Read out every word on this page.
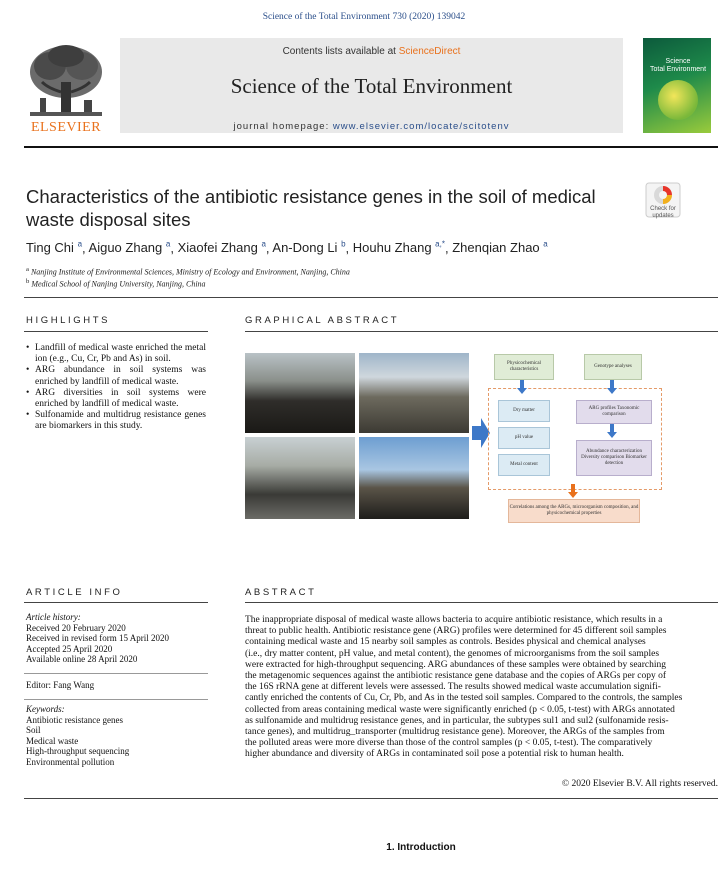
Science of the Total Environment 730 (2020) 139042
Contents lists available at ScienceDirect
Science of the Total Environment
journal homepage: www.elsevier.com/locate/scitotenv
ELSEVIER
Science
Total Environment
Characteristics of the antibiotic resistance genes in the soil of medical
waste disposal sites	Check for
updates
Ting Chi $^a$, Aiguo Zhang $^a$, Xiaofei Zhang $^a$, An-Dong Li $^b$, Houhu Zhang $^{a,*}$, Zhenqian Zhao $^a$
$^a$ Nanjing Institute of Environmental Sciences, Ministry of Ecology and Environment, Nanjing, China
$^b$ Medical School of Nanjing University, Nanjing, China
HIGHLIGHTS
• Landfill of medical waste enriched the metal ion (e.g., Cu, Cr, Pb and As) in soil.
• ARG abundance in soil systems was enriched by landfill of medical waste.
• ARG diversities in soil systems were enriched by landfill of medical waste.
• Sulfonamide and multidrug resistance genes are biomarkers in this study.
GRAPHICAL ABSTRACT
Physicochemical characteristics
Genotype analyses
Dry matter
pH value
Metal content
ARG profiles Taxonomic comparison
Abundance characterization Diversity comparison Biomarker detection
Correlations among the ARGs, microorganism composition, and physicochemical properties
ARTICLE INFO
Article history:
Received 20 February 2020
Received in revised form 15 April 2020
Accepted 25 April 2020
Available online 28 April 2020
Editor: Fang Wang
Keywords:
Antibiotic resistance genes
Soil
Medical waste
High-throughput sequencing
Environmental pollution
ABSTRACT
The inappropriate disposal of medical waste allows bacteria to acquire antibiotic resistance, which results in a
threat to public health. Antibiotic resistance gene (ARG) profiles were determined for 45 different soil samples
containing medical waste and 15 nearby soil samples as controls. Besides physical and chemical analyses
(i.e., dry matter content, pH value, and metal content), the genomes of microorganisms from the soil samples
were extracted for high-throughput sequencing. ARG abundances of these samples were obtained by searching
the metagenomic sequences against the antibiotic resistance gene database and the copies of ARGs per copy of
the 16S rRNA gene at different levels were assessed. The results showed medical waste accumulation signifi-
cantly enriched the contents of Cu, Cr, Pb, and As in the tested soil samples. Compared to the controls, the samples
collected from areas containing medical waste were significantly enriched (p < 0.05, t-test) with ARGs annotated
as sulfonamide and multidrug resistance genes, and in particular, the subtypes sul1 and sul2 (sulfonamide resis-
tance genes), and multidrug_transporter (multidrug resistance gene). Moreover, the ARGs of the samples from
the polluted areas were more diverse than those of the control samples (p < 0.05, t-test). The comparatively
higher abundance and diversity of ARGs in contaminated soil pose a potential risk to human health.
© 2020 Elsevier B.V. All rights reserved.
1. Introduction
